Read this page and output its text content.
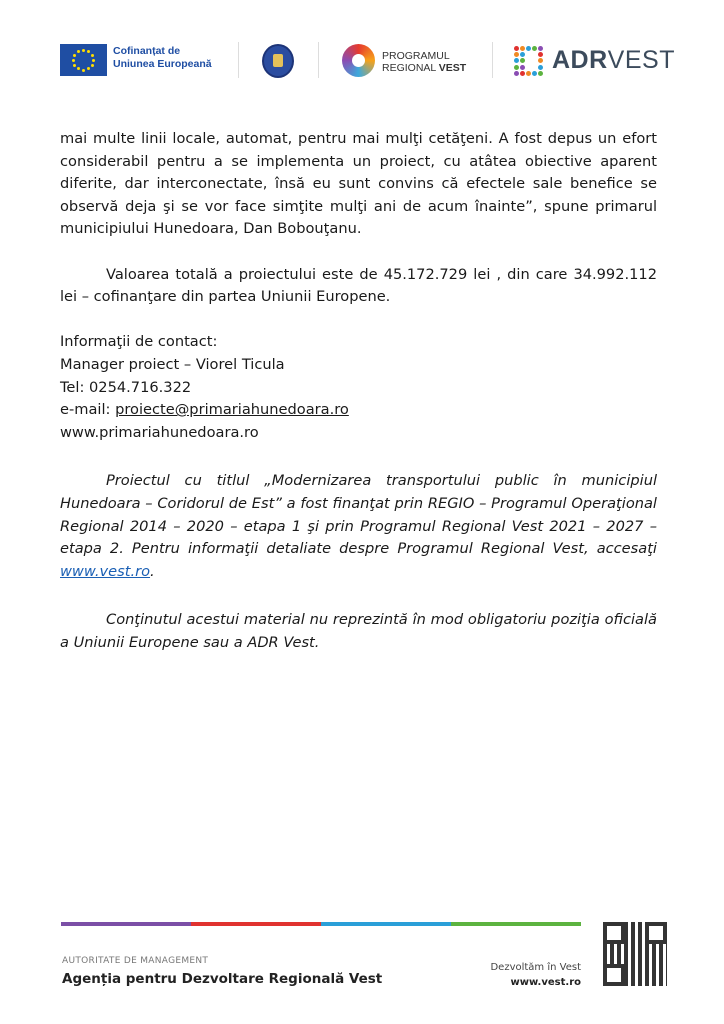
Cofinanțat de
Uniunea Europeană
PROGRAMUL
REGIONAL VEST	ADRVEST

mai multe linii locale, automat, pentru mai mulţi cetăţeni. A fost depus un efort considerabil pentru a se implementa un proiect, cu atâtea obiective aparent diferite, dar interconectate, însă eu sunt convins că efectele sale benefice se observă deja şi se vor face simţite mulţi ani de acum înainte”, spune primarul municipiului Hunedoara, Dan Bobouţanu.

Valoarea totală a proiectului este de 45.172.729 lei , din care 34.992.112 lei – cofinanţare din partea Uniunii Europene.

Informaţii de contact:
Manager proiect – Viorel Ticula
Tel: 0254.716.322
e-mail: proiecte@primariahunedoara.ro
www.primariahunedoara.ro

Proiectul cu titlul „Modernizarea transportului public în municipiul Hunedoara – Coridorul de Est” a fost finanţat prin REGIO – Programul Operaţional Regional 2014 – 2020 – etapa 1 şi prin Programul Regional Vest 2021 – 2027 – etapa 2. Pentru informaţii detaliate despre Programul Regional Vest, accesaţi www.vest.ro.

Conţinutul acestui material nu reprezintă în mod obligatoriu poziţia oficială a Uniunii Europene sau a ADR Vest.

AUTORITATE DE MANAGEMENT
Agenția pentru Dezvoltare Regională Vest
Dezvoltăm în Vest
www.vest.ro
